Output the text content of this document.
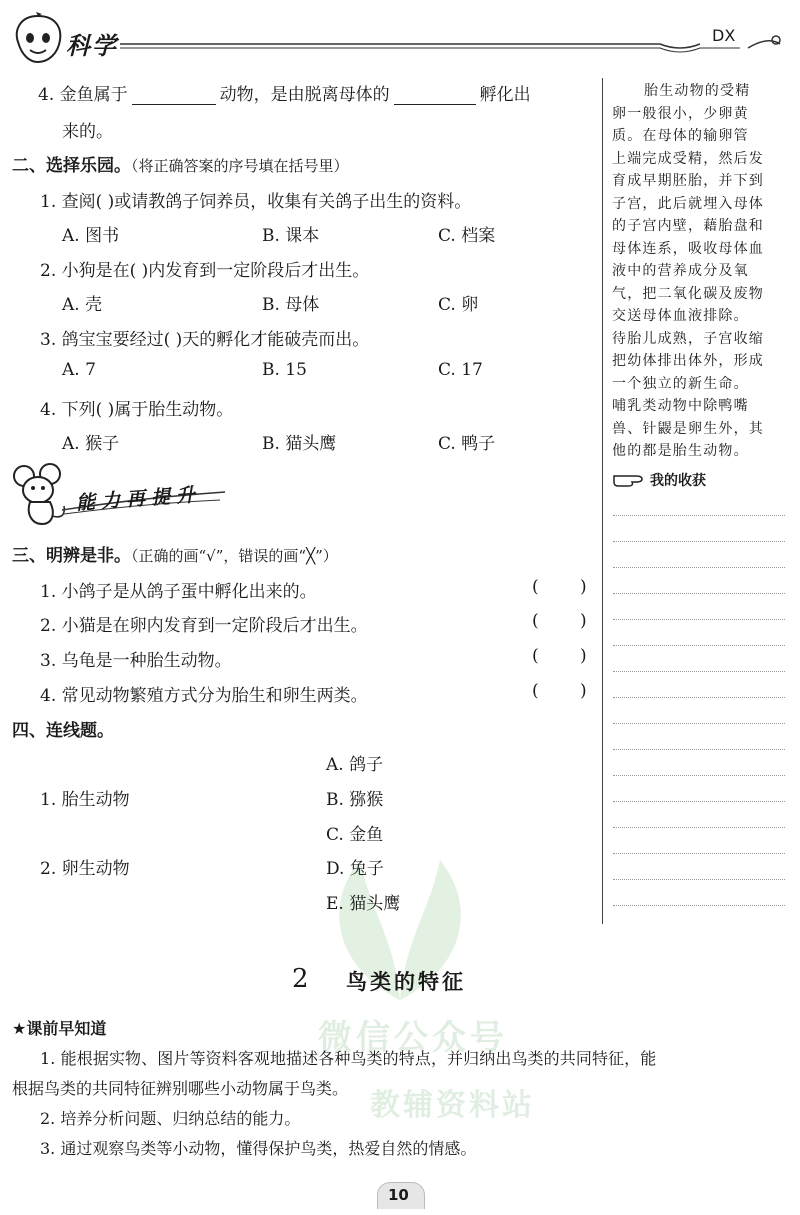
微信公众号
教辅资料站
科学	DX
4. 金鱼属于	动物，是由脱离母体的	孵化出
来的。
二、选择乐园。（将正确答案的序号填在括号里）
1. 查阅( )或请教鸽子饲养员，收集有关鸽子出生的资料。
A. 图书	B. 课本	C. 档案
2. 小狗是在( )内发育到一定阶段后才出生。
A. 壳	B. 母体	C. 卵
3. 鸽宝宝要经过( )天的孵化才能破壳而出。
A. 7	B. 15	C. 17
4. 下列( )属于胎生动物。
A. 猴子	B. 猫头鹰	C. 鸭子
能力再提升
三、明辨是非。（正确的画“√”，错误的画“╳”）
1. 小鸽子是从鸽子蛋中孵化出来的。	( )
2. 小猫是在卵内发育到一定阶段后才出生。	( )
3. 乌龟是一种胎生动物。	( )
4. 常见动物繁殖方式分为胎生和卵生两类。	( )
四、连线题。
A. 鸽子
1. 胎生动物	B. 猕猴
C. 金鱼
2. 卵生动物	D. 兔子
E. 猫头鹰
胎生动物的受精
卵一般很小，少卵黄
质。在母体的输卵管
上端完成受精，然后发
育成早期胚胎，并下到
子宫，此后就埋入母体
的子宫内壁，藉胎盘和
母体连系，吸收母体血
液中的营养成分及氧
气，把二氧化碳及废物
交送母体血液排除。
待胎儿成熟，子宫收缩
把幼体排出体外，形成
一个独立的新生命。
哺乳类动物中除鸭嘴
兽、针鼹是卵生外，其
他的都是胎生动物。
我的收获
2 鸟类的特征
★课前早知道
1. 能根据实物、图片等资料客观地描述各种鸟类的特点，并归纳出鸟类的共同特征，能
根据鸟类的共同特征辨别哪些小动物属于鸟类。
2. 培养分析问题、归纳总结的能力。
3. 通过观察鸟类等小动物，懂得保护鸟类，热爱自然的情感。
10
